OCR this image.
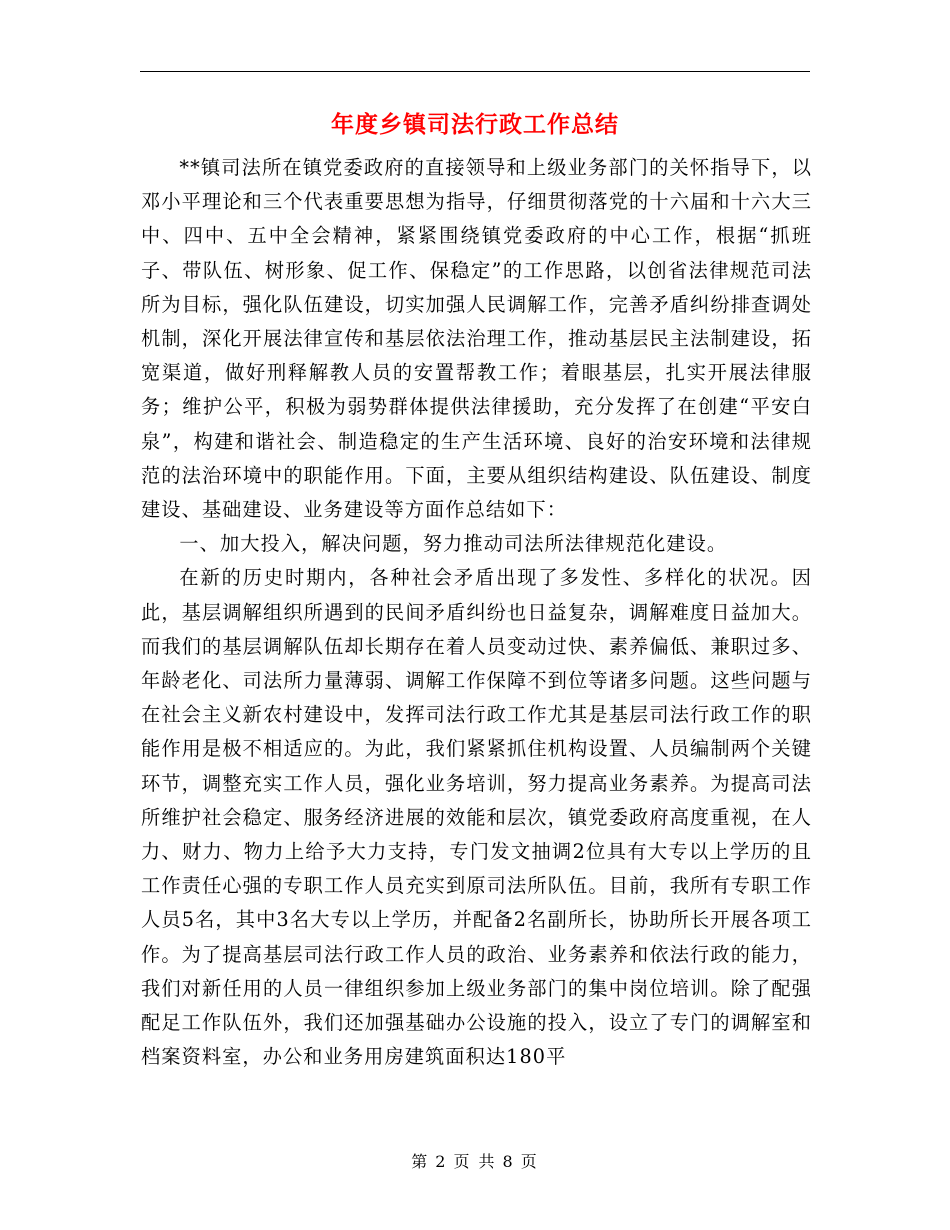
年度乡镇司法行政工作总结

**镇司法所在镇党委政府的直接领导和上级业务部门的关怀指导下，以邓小平理论和三个代表重要思想为指导，仔细贯彻落党的十六届和十六大三中、四中、五中全会精神，紧紧围绕镇党委政府的中心工作，根据“抓班子、带队伍、树形象、促工作、保稳定”的工作思路，以创省法律规范司法所为目标，强化队伍建设，切实加强人民调解工作，完善矛盾纠纷排查调处机制，深化开展法律宣传和基层依法治理工作，推动基层民主法制建设，拓宽渠道，做好刑释解教人员的安置帮教工作；着眼基层，扎实开展法律服务；维护公平，积极为弱势群体提供法律援助，充分发挥了在创建“平安白泉”，构建和谐社会、制造稳定的生产生活环境、良好的治安环境和法律规范的法治环境中的职能作用。下面，主要从组织结构建设、队伍建设、制度建设、基础建设、业务建设等方面作总结如下：

一、加大投入，解决问题，努力推动司法所法律规范化建设。

在新的历史时期内，各种社会矛盾出现了多发性、多样化的状况。因此，基层调解组织所遇到的民间矛盾纠纷也日益复杂，调解难度日益加大。而我们的基层调解队伍却长期存在着人员变动过快、素养偏低、兼职过多、年龄老化、司法所力量薄弱、调解工作保障不到位等诸多问题。这些问题与在社会主义新农村建设中，发挥司法行政工作尤其是基层司法行政工作的职能作用是极不相适应的。为此，我们紧紧抓住机构设置、人员编制两个关键环节，调整充实工作人员，强化业务培训，努力提高业务素养。为提高司法所维护社会稳定、服务经济进展的效能和层次，镇党委政府高度重视，在人力、财力、物力上给予大力支持，专门发文抽调2位具有大专以上学历的且工作责任心强的专职工作人员充实到原司法所队伍。目前，我所有专职工作人员5名，其中3名大专以上学历，并配备2名副所长，协助所长开展各项工作。为了提高基层司法行政工作人员的政治、业务素养和依法行政的能力，我们对新任用的人员一律组织参加上级业务部门的集中岗位培训。除了配强配足工作队伍外，我们还加强基础办公设施的投入，设立了专门的调解室和档案资料室，办公和业务用房建筑面积达180平

第 2 页 共 8 页
